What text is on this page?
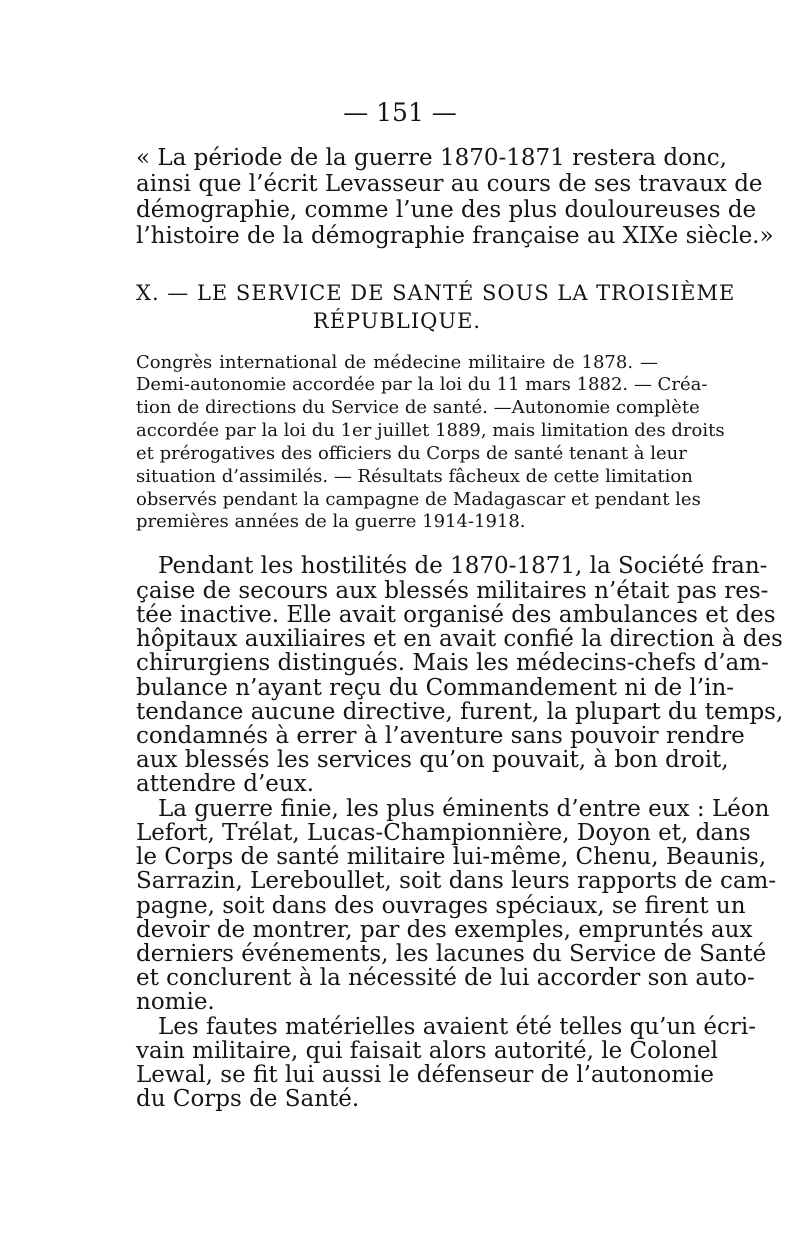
— 151 —
« La période de la guerre 1870-1871 restera donc,
ainsi que l’écrit Levasseur au cours de ses travaux de
démographie, comme l’une des plus douloureuses de
l’histoire de la démographie française au XIXe siècle.»
X. — LE SERVICE DE SANTÉ SOUS LA TROISIÈME
RÉPUBLIQUE.
Congrès international de médecine militaire de 1878. —
Demi-autonomie accordée par la loi du 11 mars 1882. — Créa-
tion de directions du Service de santé. —Autonomie complète
accordée par la loi du 1er juillet 1889, mais limitation des droits
et prérogatives des officiers du Corps de santé tenant à leur
situation d’assimilés. — Résultats fâcheux de cette limitation
observés pendant la campagne de Madagascar et pendant les
premières années de la guerre 1914-1918.
Pendant les hostilités de 1870-1871, la Société fran-
çaise de secours aux blessés militaires n’était pas res-
tée inactive. Elle avait organisé des ambulances et des
hôpitaux auxiliaires et en avait confié la direction à des
chirurgiens distingués. Mais les médecins-chefs d’am-
bulance n’ayant reçu du Commandement ni de l’in-
tendance aucune directive, furent, la plupart du temps,
condamnés à errer à l’aventure sans pouvoir rendre
aux blessés les services qu’on pouvait, à bon droit,
attendre d’eux.
La guerre finie, les plus éminents d’entre eux : Léon
Lefort, Trélat, Lucas-Championnière, Doyon et, dans
le Corps de santé militaire lui-même, Chenu, Beaunis,
Sarrazin, Lereboullet, soit dans leurs rapports de cam-
pagne, soit dans des ouvrages spéciaux, se firent un
devoir de montrer, par des exemples, empruntés aux
derniers événements, les lacunes du Service de Santé
et conclurent à la nécessité de lui accorder son auto-
nomie.
Les fautes matérielles avaient été telles qu’un écri-
vain militaire, qui faisait alors autorité, le Colonel
Lewal, se fit lui aussi le défenseur de l’autonomie
du Corps de Santé.
